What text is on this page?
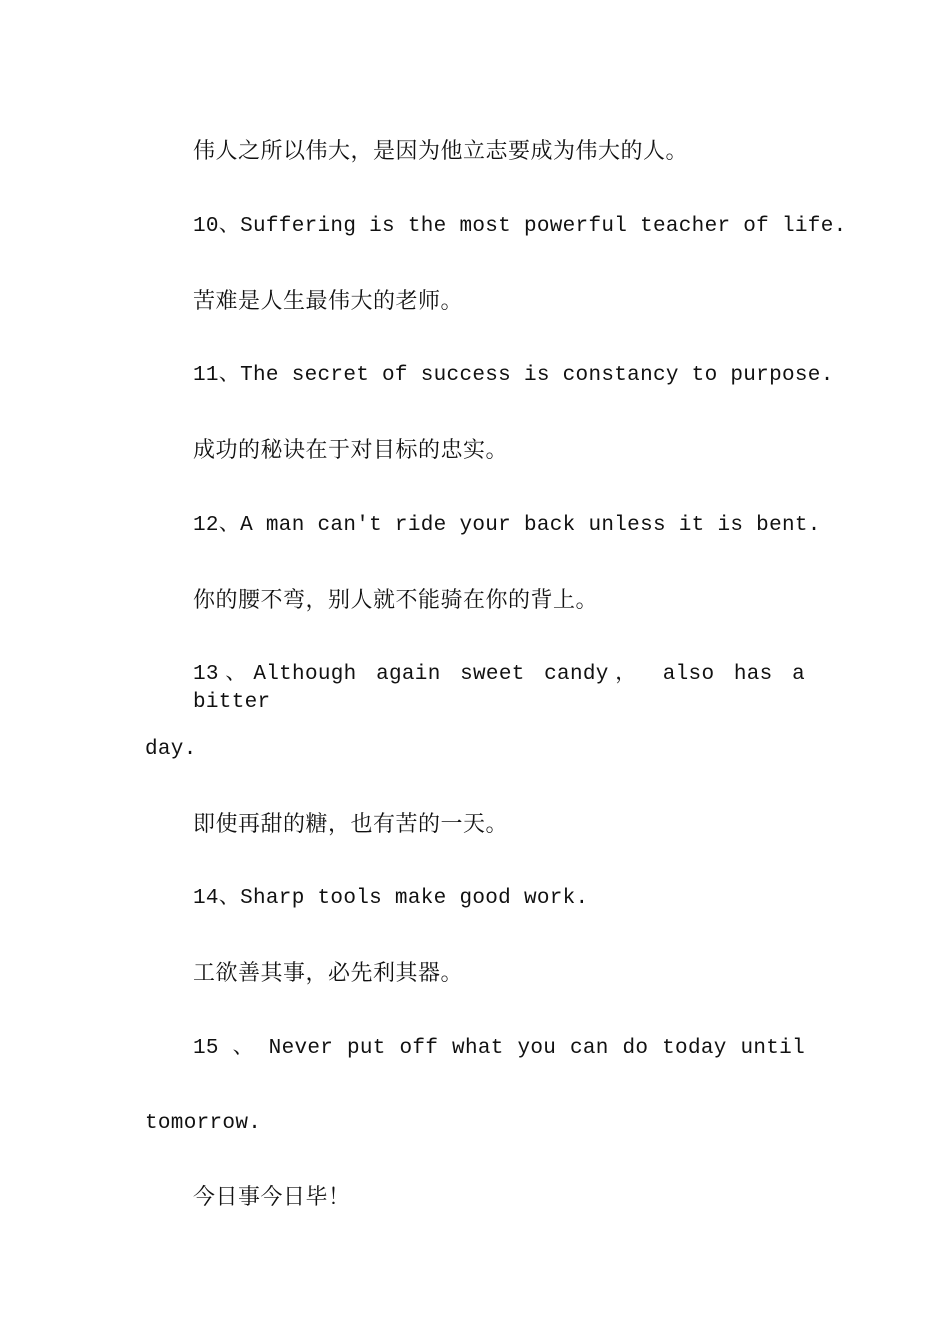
伟人之所以伟大，是因为他立志要成为伟大的人。
10、Suffering is the most powerful teacher of life.
苦难是人生最伟大的老师。
11、The secret of success is constancy to purpose.
成功的秘诀在于对目标的忠实。
12、A man can't ride your back unless it is bent.
你的腰不弯，别人就不能骑在你的背上。
13、Although again sweet candy， also has a bitter
day.
即使再甜的糖，也有苦的一天。
14、Sharp tools make good work.
工欲善其事，必先利其器。
15 、 Never put off what you can do today until
tomorrow.
今日事今日毕！
